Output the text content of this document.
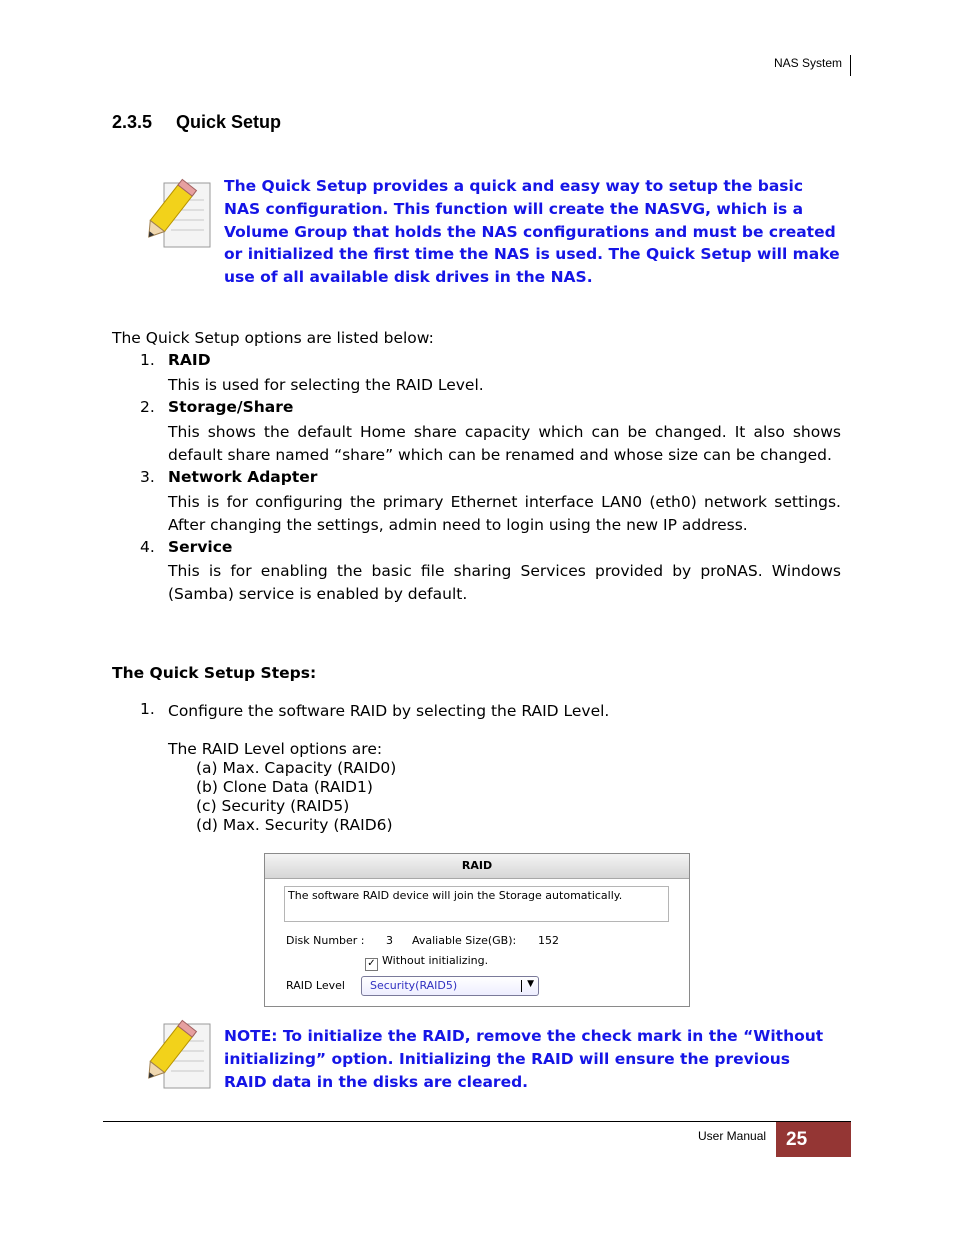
NAS System
2.3.5 Quick Setup
The Quick Setup provides a quick and easy way to setup the basic
NAS configuration. This function will create the NASVG, which is a
Volume Group that holds the NAS configurations and must be created
or initialized the first time the NAS is used. The Quick Setup will make
use of all available disk drives in the NAS.
The Quick Setup options are listed below:
1. RAID
This is used for selecting the RAID Level.
2. Storage/Share
This shows the default Home share capacity which can be changed. It also shows default share named “share” which can be renamed and whose size can be changed.
3. Network Adapter
This is for configuring the primary Ethernet interface LAN0 (eth0) network settings. After changing the settings, admin need to login using the new IP address.
4. Service
This is for enabling the basic file sharing Services provided by proNAS. Windows (Samba) service is enabled by default.
The Quick Setup Steps:
1. Configure the software RAID by selecting the RAID Level.
The RAID Level options are:
(a) Max. Capacity (RAID0)
(b) Clone Data (RAID1)
(c) Security (RAID5)
(d) Max. Security (RAID6)
RAID
The software RAID device will join the Storage automatically.
Disk Number : 3 Avaliable Size(GB): 152
✓ Without initializing.
RAID Level Security(RAID5)	▼
NOTE: To initialize the RAID, remove the check mark in the “Without
initializing” option. Initializing the RAID will ensure the previous
RAID data in the disks are cleared.
User Manual 25
